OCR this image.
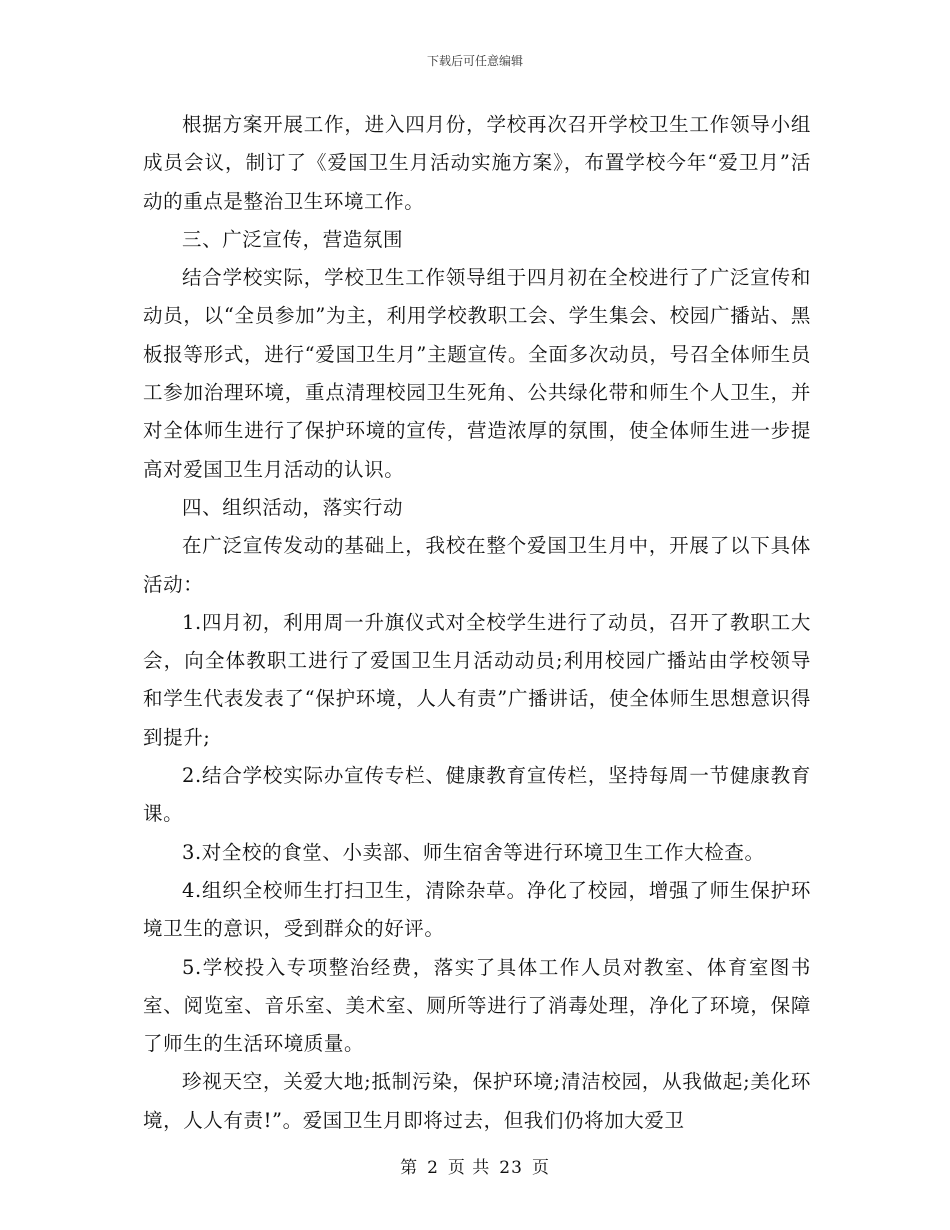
下载后可任意编辑

根据方案开展工作，进入四月份，学校再次召开学校卫生工作领导小组成员会议，制订了《爱国卫生月活动实施方案》，布置学校今年“爱卫月”活动的重点是整治卫生环境工作。

三、广泛宣传，营造氛围

结合学校实际，学校卫生工作领导组于四月初在全校进行了广泛宣传和动员，以“全员参加”为主，利用学校教职工会、学生集会、校园广播站、黑板报等形式，进行“爱国卫生月”主题宣传。全面多次动员，号召全体师生员工参加治理环境，重点清理校园卫生死角、公共绿化带和师生个人卫生，并对全体师生进行了保护环境的宣传，营造浓厚的氛围，使全体师生进一步提高对爱国卫生月活动的认识。

四、组织活动，落实行动

在广泛宣传发动的基础上，我校在整个爱国卫生月中，开展了以下具体活动：

1.四月初，利用周一升旗仪式对全校学生进行了动员，召开了教职工大会，向全体教职工进行了爱国卫生月活动动员;利用校园广播站由学校领导和学生代表发表了“保护环境，人人有责”广播讲话，使全体师生思想意识得到提升;

2.结合学校实际办宣传专栏、健康教育宣传栏，坚持每周一节健康教育课。

3.对全校的食堂、小卖部、师生宿舍等进行环境卫生工作大检查。

4.组织全校师生打扫卫生，清除杂草。净化了校园，增强了师生保护环境卫生的意识，受到群众的好评。

5.学校投入专项整治经费，落实了具体工作人员对教室、体育室图书室、阅览室、音乐室、美术室、厕所等进行了消毒处理，净化了环境，保障了师生的生活环境质量。

珍视天空，关爱大地;抵制污染，保护环境;清洁校园，从我做起;美化环境，人人有责!”。爱国卫生月即将过去，但我们仍将加大爱卫

第 2 页 共 23 页
